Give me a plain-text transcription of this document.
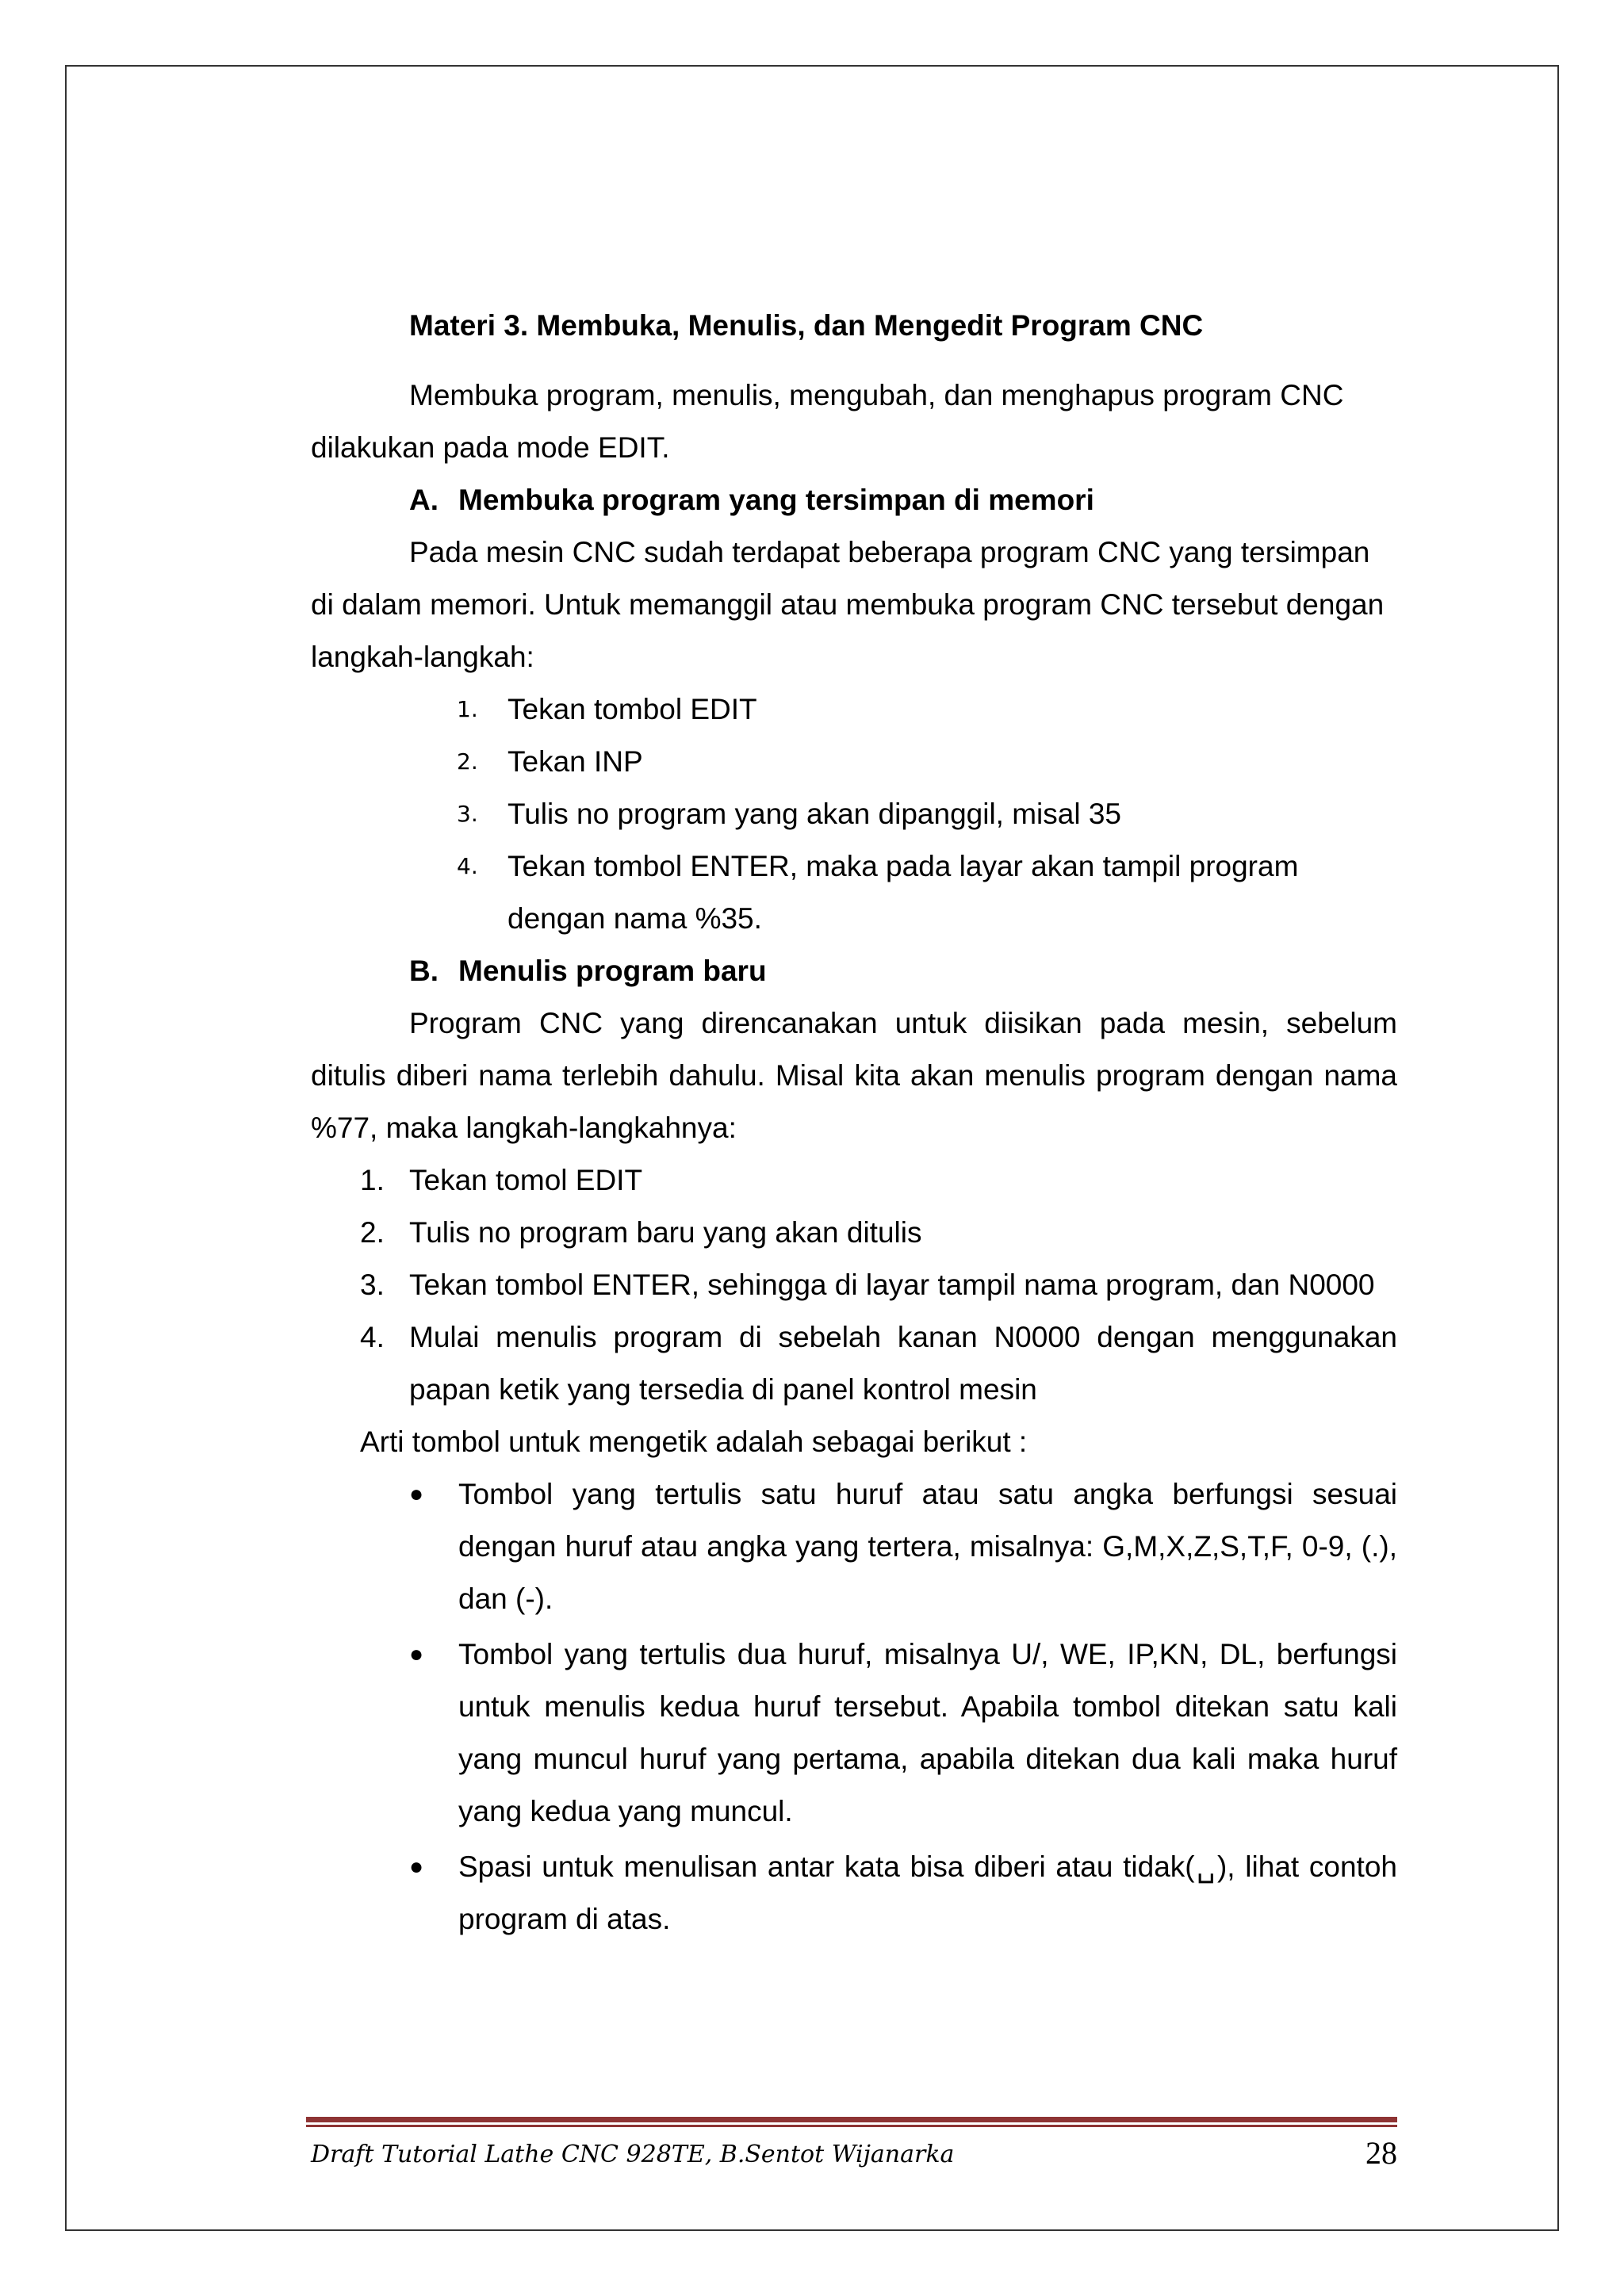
Materi 3. Membuka, Menulis, dan Mengedit Program CNC

Membuka program, menulis, mengubah, dan menghapus program CNC dilakukan pada mode EDIT.

A. Membuka program yang tersimpan di memori

Pada mesin CNC sudah terdapat beberapa program CNC yang tersimpan di dalam memori. Untuk memanggil atau membuka program CNC tersebut dengan langkah-langkah:

1. Tekan tombol EDIT
2. Tekan INP
3. Tulis no program yang akan dipanggil, misal 35
4. Tekan tombol ENTER, maka pada layar akan tampil program dengan nama %35.

B. Menulis program baru

Program CNC yang direncanakan untuk diisikan pada mesin, sebelum ditulis diberi nama terlebih dahulu. Misal kita akan menulis program dengan nama %77, maka langkah-langkahnya:

1. Tekan tomol EDIT
2. Tulis no program baru yang akan ditulis
3. Tekan tombol ENTER, sehingga di layar tampil nama program, dan N0000
4. Mulai menulis program di sebelah kanan N0000 dengan menggunakan papan ketik yang tersedia di panel kontrol mesin

Arti tombol untuk mengetik adalah sebagai berikut :

● Tombol yang tertulis satu huruf atau satu angka berfungsi sesuai dengan huruf atau angka yang tertera, misalnya: G,M,X,Z,S,T,F, 0-9, (.), dan (-).
● Tombol yang tertulis dua huruf, misalnya U/, WE, IP,KN, DL, berfungsi untuk menulis kedua huruf tersebut. Apabila tombol ditekan satu kali yang muncul huruf yang pertama, apabila ditekan dua kali maka huruf yang kedua yang muncul.
● Spasi untuk menulisan antar kata bisa diberi atau tidak(␣), lihat contoh program di atas.
Draft Tutorial Lathe CNC 928TE, B.Sentot Wijanarka	28
